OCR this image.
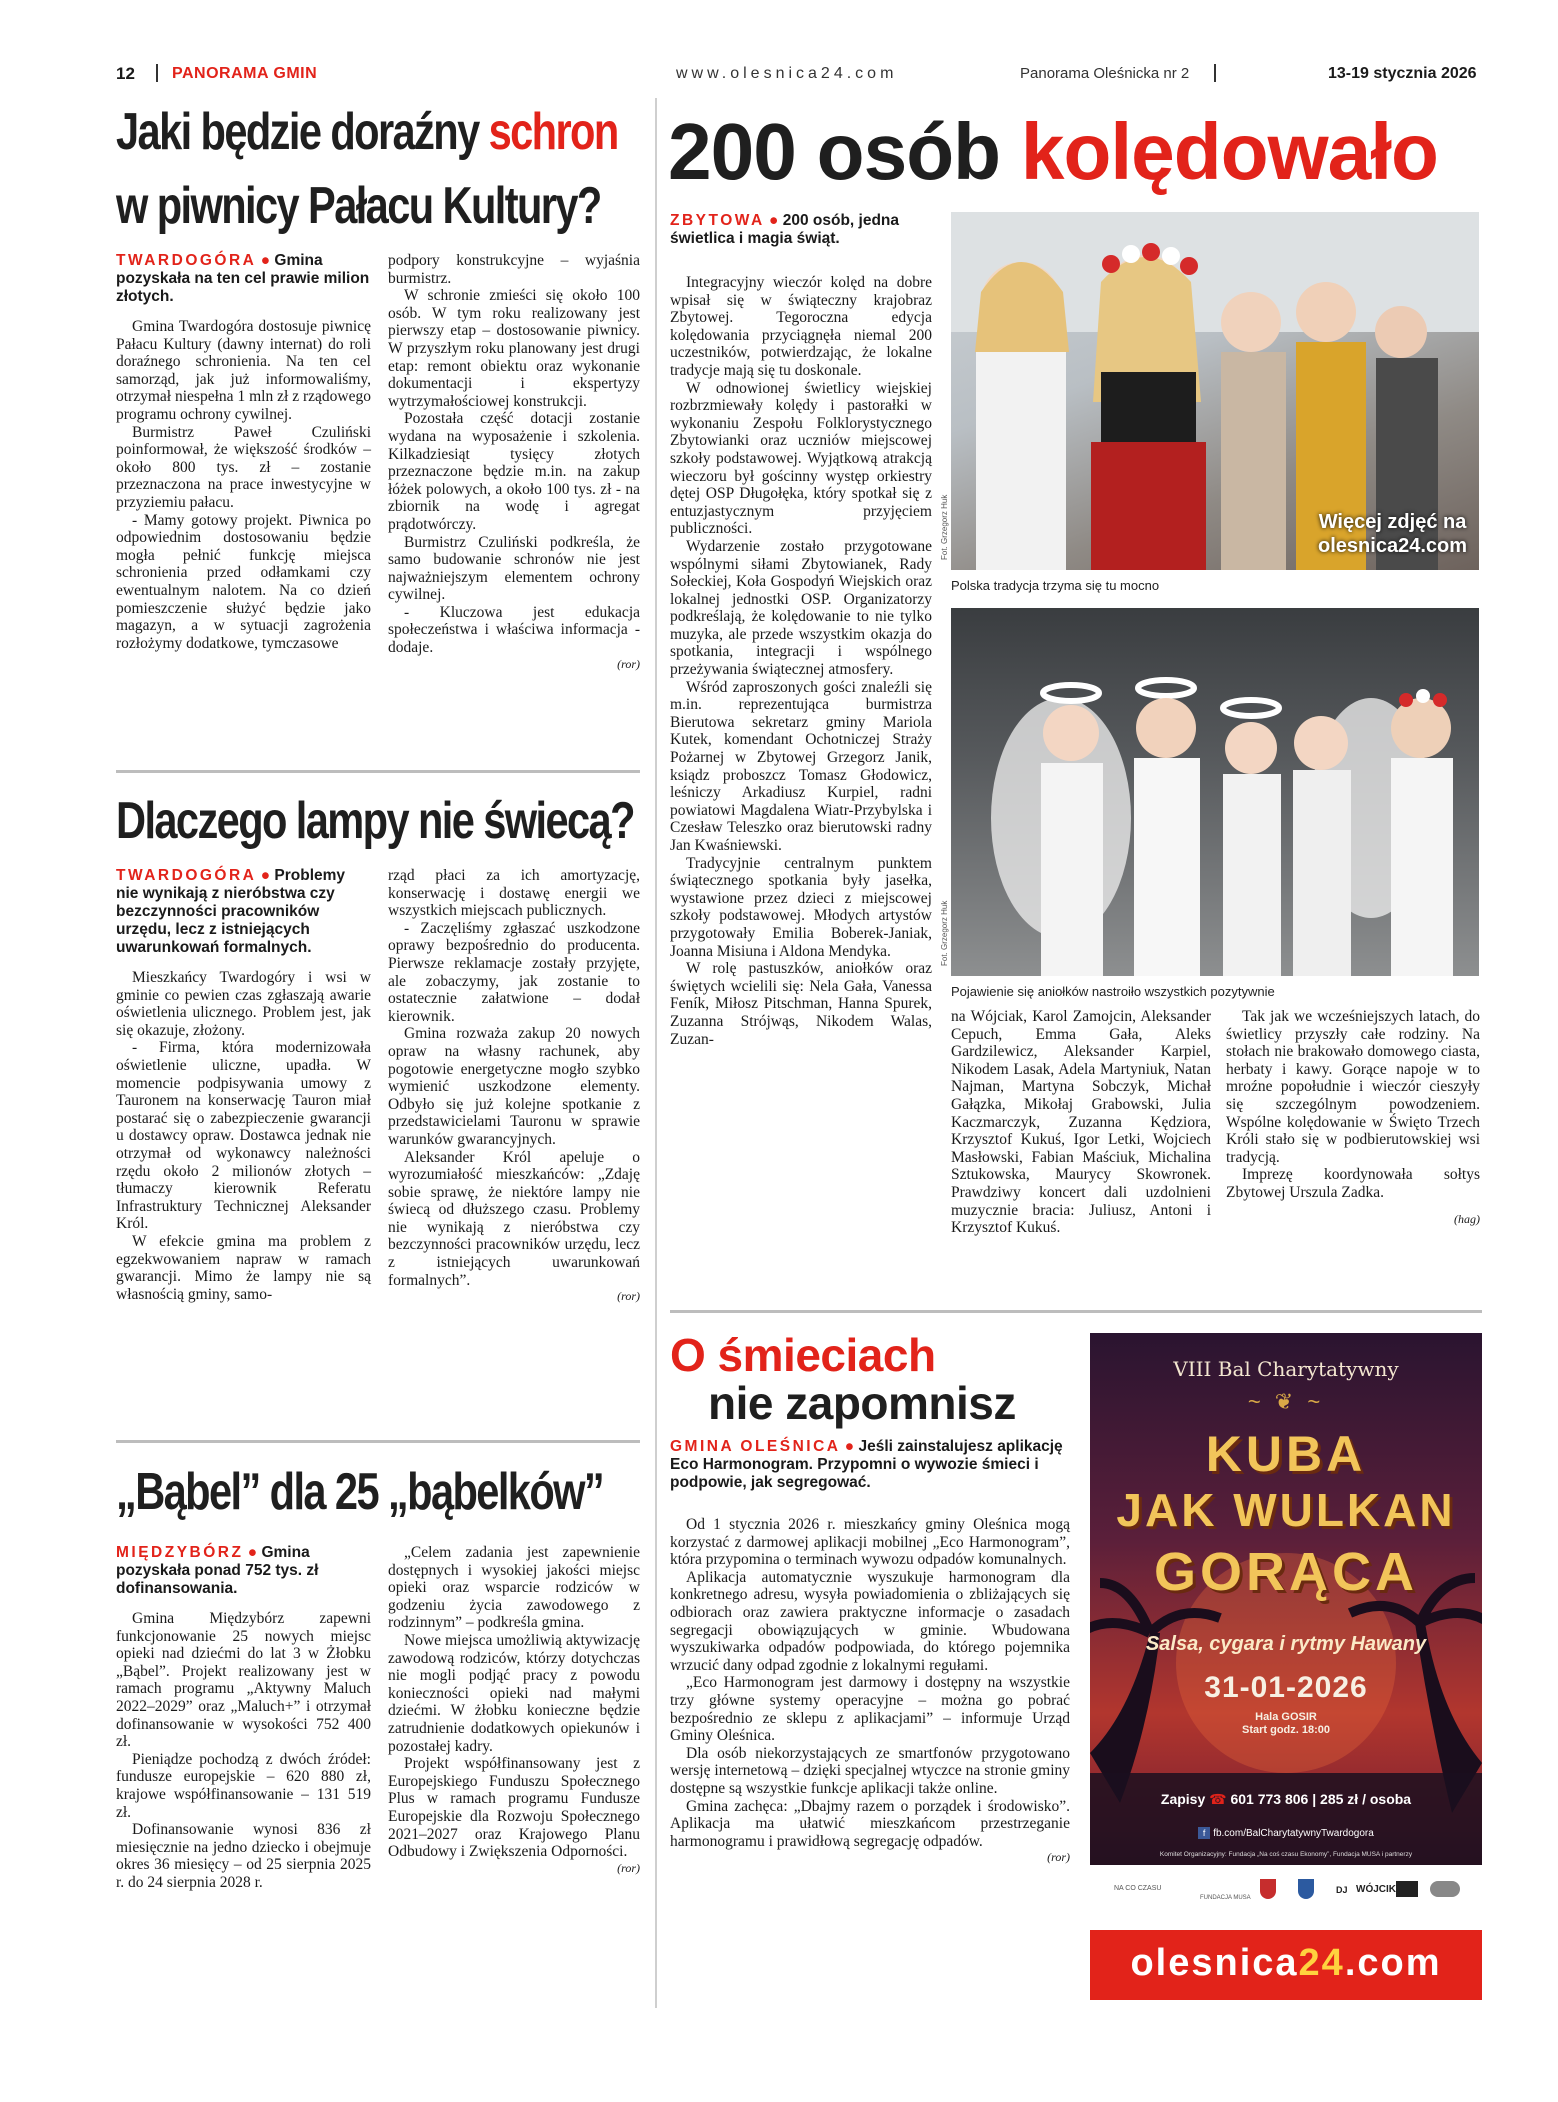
12 PANORAMA GMIN	www.olesnica24.com	Panorama Oleśnicka nr 2	13-19 stycznia 2026
Jaki będzie doraźny schron
w piwnicy Pałacu Kultury?

TWARDOGÓRA ● Gmina pozyskała na ten cel prawie milion złotych.

Gmina Twardogóra dostosuje piwnicę Pałacu Kultury (dawny internat) do roli doraźnego schronienia. Na ten cel samorząd, jak już informowaliśmy, otrzymał niespełna 1 mln zł z rządowego programu ochrony cywilnej.

Burmistrz Paweł Czuliński poinformował, że większość środków – około 800 tys. zł – zostanie przeznaczona na prace inwestycyjne w przyziemiu pałacu.

- Mamy gotowy projekt. Piwnica po odpowiednim dostosowaniu będzie mogła pełnić funkcję miejsca schronienia przed odłamkami czy ewentualnym nalotem. Na co dzień pomieszczenie służyć będzie jako magazyn, a w sytuacji zagrożenia rozłożymy dodatkowe, tymczasowe

podpory konstrukcyjne – wyjaśnia burmistrz.

W schronie zmieści się około 100 osób. W tym roku realizowany jest pierwszy etap – dostosowanie piwnicy. W przyszłym roku planowany jest drugi etap: remont obiektu oraz wykonanie dokumentacji i ekspertyzy wytrzymałościowej konstrukcji.

Pozostała część dotacji zostanie wydana na wyposażenie i szkolenia. Kilkadziesiąt tysięcy złotych przeznaczone będzie m.in. na zakup łóżek polowych, a około 100 tys. zł - na zbiornik na wodę i agregat prądotwórczy.

Burmistrz Czuliński podkreśla, że samo budowanie schronów nie jest najważniejszym elementem ochrony cywilnej.

- Kluczowa jest edukacja społeczeństwa i właściwa informacja - dodaje.

(ror)
Dlaczego lampy nie świecą?

TWARDOGÓRA ● Problemy nie wynikają z nieróbstwa czy bezczynności pracowników urzędu, lecz z istniejących uwarunkowań formalnych.

Mieszkańcy Twardogóry i wsi w gminie co pewien czas zgłaszają awarie oświetlenia ulicznego. Problem jest, jak się okazuje, złożony.

- Firma, która modernizowała oświetlenie uliczne, upadła. W momencie podpisywania umowy z Tauronem na konserwację Tauron miał postarać się o zabezpieczenie gwarancji u dostawcy opraw. Dostawca jednak nie otrzymał od wykonawcy należności rzędu około 2 milionów złotych – tłumaczy kierownik Referatu Infrastruktury Technicznej Aleksander Król.

W efekcie gmina ma problem z egzekwowaniem napraw w ramach gwarancji. Mimo że lampy nie są własnością gminy, samo-

rząd płaci za ich amortyzację, konserwację i dostawę energii we wszystkich miejscach publicznych.

- Zaczęliśmy zgłaszać uszkodzone oprawy bezpośrednio do producenta. Pierwsze reklamacje zostały przyjęte, ale zobaczymy, jak zostanie to ostatecznie załatwione – dodał kierownik.

Gmina rozważa zakup 20 nowych opraw na własny rachunek, aby pogotowie energetyczne mogło szybko wymienić uszkodzone elementy. Odbyło się już kolejne spotkanie z przedstawicielami Tauronu w sprawie warunków gwarancyjnych.

Aleksander Król apeluje o wyrozumiałość mieszkańców: „Zdaję sobie sprawę, że niektóre lampy nie świecą od dłuższego czasu. Problemy nie wynikają z nieróbstwa czy bezczynności pracowników urzędu, lecz z istniejących uwarunkowań formalnych”.

(ror)
„Bąbel” dla 25 „bąbelków”

MIĘDZYBÓRZ ● Gmina pozyskała ponad 752 tys. zł dofinansowania.

Gmina Międzybórz zapewni funkcjonowanie 25 nowych miejsc opieki nad dziećmi do lat 3 w Żłobku „Bąbel”. Projekt realizowany jest w ramach programu „Aktywny Maluch 2022–2029” oraz „Maluch+” i otrzymał dofinansowanie w wysokości 752 400 zł.

Pieniądze pochodzą z dwóch źródeł: fundusze europejskie – 620 880 zł, krajowe współfinansowanie – 131 519 zł.

Dofinansowanie wynosi 836 zł miesięcznie na jedno dziecko i obejmuje okres 36 miesięcy – od 25 sierpnia 2025 r. do 24 sierpnia 2028 r.

„Celem zadania jest zapewnienie dostępnych i wysokiej jakości miejsc opieki oraz wsparcie rodziców w godzeniu życia zawodowego z rodzinnym” – podkreśla gmina.

Nowe miejsca umożliwią aktywizację zawodową rodziców, którzy dotychczas nie mogli podjąć pracy z powodu konieczności opieki nad małymi dziećmi. W żłobku konieczne będzie zatrudnienie dodatkowych opiekunów i pozostałej kadry.

Projekt współfinansowany jest z Europejskiego Funduszu Społecznego Plus w ramach programu Fundusze Europejskie dla Rozwoju Społecznego 2021–2027 oraz Krajowego Planu Odbudowy i Zwiększenia Odporności.

(ror)
200 osób kolędowało
Więcej zdjęć na
olesnica24.com
Fot. Grzegorz Huk
Polska tradycja trzyma się tu mocno
Fot. Grzegorz Huk
Pojawienie się aniołków nastroiło wszystkich pozytywnie

ZBYTOWA ● 200 osób, jedna świetlica i magia świąt.

Integracyjny wieczór kolęd na dobre wpisał się w świąteczny krajobraz Zbytowej. Tegoroczna edycja kolędowania przyciągnęła niemal 200 uczestników, potwierdzając, że lokalne tradycje mają się tu doskonale.

W odnowionej świetlicy wiejskiej rozbrzmiewały kolędy i pastorałki w wykonaniu Zespołu Folklorystycznego Zbytowianki oraz uczniów miejscowej szkoły podstawowej. Wyjątkową atrakcją wieczoru był gościnny występ orkiestry dętej OSP Długołęka, który spotkał się z entuzjastycznym przyjęciem publiczności.

Wydarzenie zostało przygotowane wspólnymi siłami Zbytowianek, Rady Sołeckiej, Koła Gospodyń Wiejskich oraz lokalnej jednostki OSP. Organizatorzy podkreślają, że kolędowanie to nie tylko muzyka, ale przede wszystkim okazja do spotkania, integracji i wspólnego przeżywania świątecznej atmosfery.

Wśród zaproszonych gości znaleźli się m.in. reprezentująca burmistrza Bierutowa sekretarz gminy Mariola Kutek, komendant Ochotniczej Straży Pożarnej w Zbytowej Grzegorz Janik, ksiądz proboszcz Tomasz Głodowicz, leśniczy Arkadiusz Kurpiel, radni powiatowi Magdalena Wiatr-Przybylska i Czesław Teleszko oraz bierutowski radny Jan Kwaśniewski.

Tradycyjnie centralnym punktem świątecznego spotkania były jasełka, wystawione przez dzieci z miejscowej szkoły podstawowej. Młodych artystów przygotowały Emilia Boberek-Janiak, Joanna Misiuna i Aldona Mendyka.

W rolę pastuszków, aniołków oraz świętych wcielili się: Nela Gała, Vanessa Feník, Miłosz Pitschman, Hanna Spurek, Zuzanna Strójwąs, Nikodem Walas, Zuzan-

na Wójciak, Karol Zamojcin, Aleksander Cepuch, Emma Gała, Aleks Gardzilewicz, Aleksander Karpiel, Nikodem Lasak, Adela Martyniuk, Natan Najman, Martyna Sobczyk, Michał Gałązka, Mikołaj Grabowski, Julia Kaczmarczyk, Zuzanna Kędziora, Krzysztof Kukuś, Igor Letki, Wojciech Masłowski, Fabian Maściuk, Michalina Sztukowska, Maurycy Skowronek. Prawdziwy koncert dali uzdolnieni muzycznie bracia: Juliusz, Antoni i Krzysztof Kukuś.

Tak jak we wcześniejszych latach, do świetlicy przyszły całe rodziny. Na stołach nie brakowało domowego ciasta, herbaty i kawy. Gorące napoje w to mroźne popołudnie i wieczór cieszyły się szczególnym powodzeniem. Wspólne kolędowanie w Święto Trzech Króli stało się w podbierutowskiej wsi tradycją.

Imprezę koordynowała sołtys Zbytowej Urszula Zadka.

(hag)
O śmieciach
nie zapomnisz

GMINA OLEŚNICA ● Jeśli zainstalujesz aplikację Eco Harmonogram. Przypomni o wywozie śmieci i podpowie, jak segregować.

Od 1 stycznia 2026 r. mieszkańcy gminy Oleśnica mogą korzystać z darmowej aplikacji mobilnej „Eco Harmonogram”, która przypomina o terminach wywozu odpadów komunalnych.

Aplikacja automatycznie wyszukuje harmonogram dla konkretnego adresu, wysyła powiadomienia o zbliżających się odbiorach oraz zawiera praktyczne informacje o zasadach segregacji obowiązujących w gminie. Wbudowana wyszukiwarka odpadów podpowiada, do którego pojemnika wrzucić dany odpad zgodnie z lokalnymi regułami.

„Eco Harmonogram jest darmowy i dostępny na wszystkie trzy główne systemy operacyjne – można go pobrać bezpośrednio ze sklepu z aplikacjami” – informuje Urząd Gminy Oleśnica.

Dla osób niekorzystających ze smartfonów przygotowano wersję internetową – dzięki specjalnej wtyczce na stronie gminy dostępne są wszystkie funkcje aplikacji także online.

Gmina zachęca: „Dbajmy razem o porządek i środowisko”. Aplikacja ma ułatwić mieszkańcom przestrzeganie harmonogramu i prawidłową segregację odpadów.

(ror)
VIII Bal Charytatywny
~ ❦ ~
KUBA
JAK WULKAN
GORĄCA
Salsa, cygara i rytmy Hawany
31-01-2026
Hala GOSIR
Start godz. 18:00
Zapisy ☎ 601 773 806 | 285 zł / osoba
f fb.com/BalCharytatywnyTwardogora
Komitet Organizacyjny: Fundacja „Na coś czasu Ekonomy”, Fundacja MUSA i partnerzy
NA CO CZASU
FUNDACJA MUSA
DJ WÓJCIK
olesnica24.com
